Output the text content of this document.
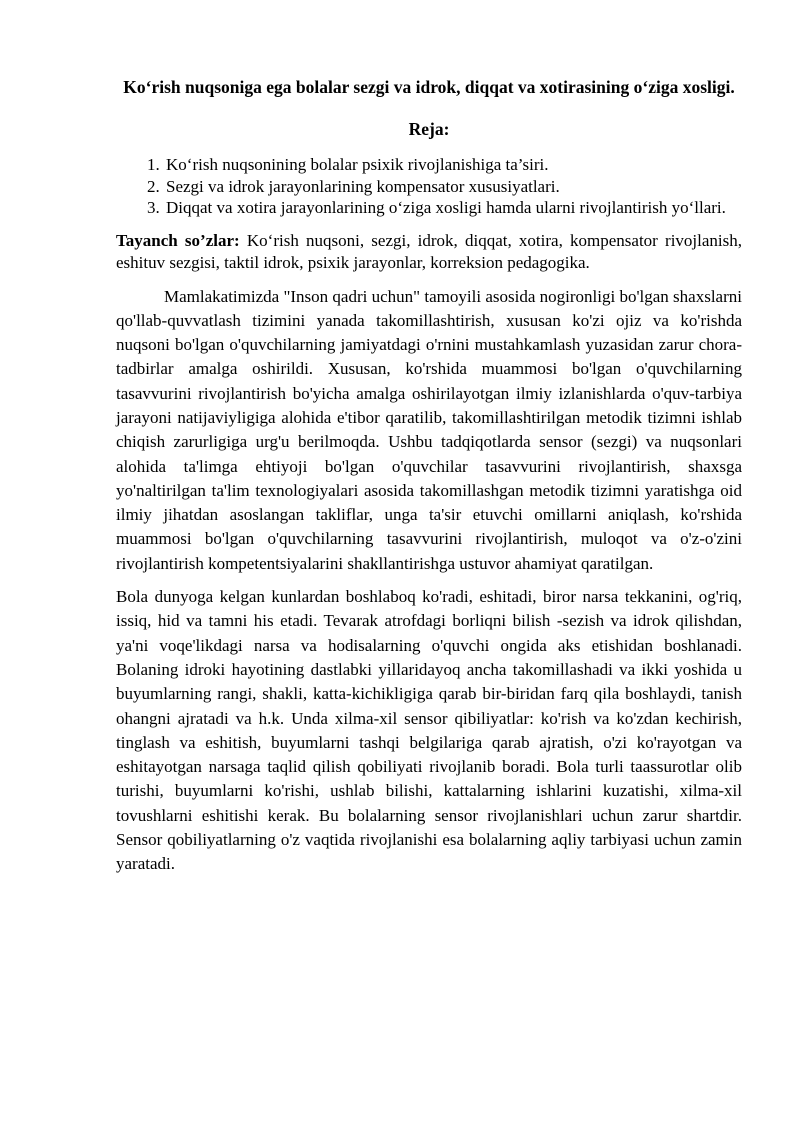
Ko‘rish nuqsoniga ega bolalar sezgi va idrok, diqqat va xotirasining o‘ziga xosligi.

Reja:

1. Ko‘rish nuqsonining bolalar psixik rivojlanishiga ta’siri.
2. Sezgi va idrok jarayonlarining kompensator xususiyatlari.
3. Diqqat va xotira jarayonlarining o‘ziga xosligi hamda ularni rivojlantirish yo‘llari.

Tayanch so’zlar: Ko‘rish nuqsoni, sezgi, idrok, diqqat, xotira, kompensator rivojlanish, eshituv sezgisi, taktil idrok, psixik jarayonlar, korreksion pedagogika.

Mamlakatimizda "Inson qadri uchun" tamoyili asosida nogironligi bo'lgan shaxslarni qo'llab-quvvatlash tizimini yanada takomillashtirish, xususan ko'zi ojiz va ko'rishda nuqsoni bo'lgan o'quvchilarning jamiyatdagi o'rnini mustahkamlash yuzasidan zarur chora-tadbirlar amalga oshirildi. Xususan, ko'rshida muammosi bo'lgan o'quvchilarning tasavvurini rivojlantirish bo'yicha amalga oshirilayotgan ilmiy izlanishlarda o'quv-tarbiya jarayoni natijaviyligiga alohida e'tibor qaratilib, takomillashtirilgan metodik tizimni ishlab chiqish zarurligiga urg'u berilmoqda. Ushbu tadqiqotlarda sensor (sezgi) va nuqsonlari alohida ta'limga ehtiyoji bo'lgan o'quvchilar tasavvurini rivojlantirish, shaxsga yo'naltirilgan ta'lim texnologiyalari asosida takomillashgan metodik tizimni yaratishga oid ilmiy jihatdan asoslangan takliflar, unga ta'sir etuvchi omillarni aniqlash, ko'rshida muammosi bo'lgan o'quvchilarning tasavvurini rivojlantirish, muloqot va o'z-o'zini rivojlantirish kompetentsiyalarini shakllantirishga ustuvor ahamiyat qaratilgan.

Bola dunyoga kelgan kunlardan boshlaboq ko'radi, eshitadi, biror narsa tekkanini, og'riq, issiq, hid va tamni his etadi. Tevarak atrofdagi borliqni bilish -sezish va idrok qilishdan, ya'ni voqe'likdagi narsa va hodisalarning o'quvchi ongida aks etishidan boshlanadi. Bolaning idroki hayotining dastlabki yillaridayoq ancha takomillashadi va ikki yoshida u buyumlarning rangi, shakli, katta-kichikligiga qarab bir-biridan farq qila boshlaydi, tanish ohangni ajratadi va h.k. Unda xilma-xil sensor qibiliyatlar: ko'rish va ko'zdan kechirish, tinglash va eshitish, buyumlarni tashqi belgilariga qarab ajratish, o'zi ko'rayotgan va eshitayotgan narsaga taqlid qilish qobiliyati rivojlanib boradi. Bola turli taassurotlar olib turishi, buyumlarni ko'rishi, ushlab bilishi, kattalarning ishlarini kuzatishi, xilma-xil tovushlarni eshitishi kerak. Bu bolalarning sensor rivojlanishlari uchun zarur shartdir. Sensor qobiliyatlarning o'z vaqtida rivojlanishi esa bolalarning aqliy tarbiyasi uchun zamin yaratadi.
